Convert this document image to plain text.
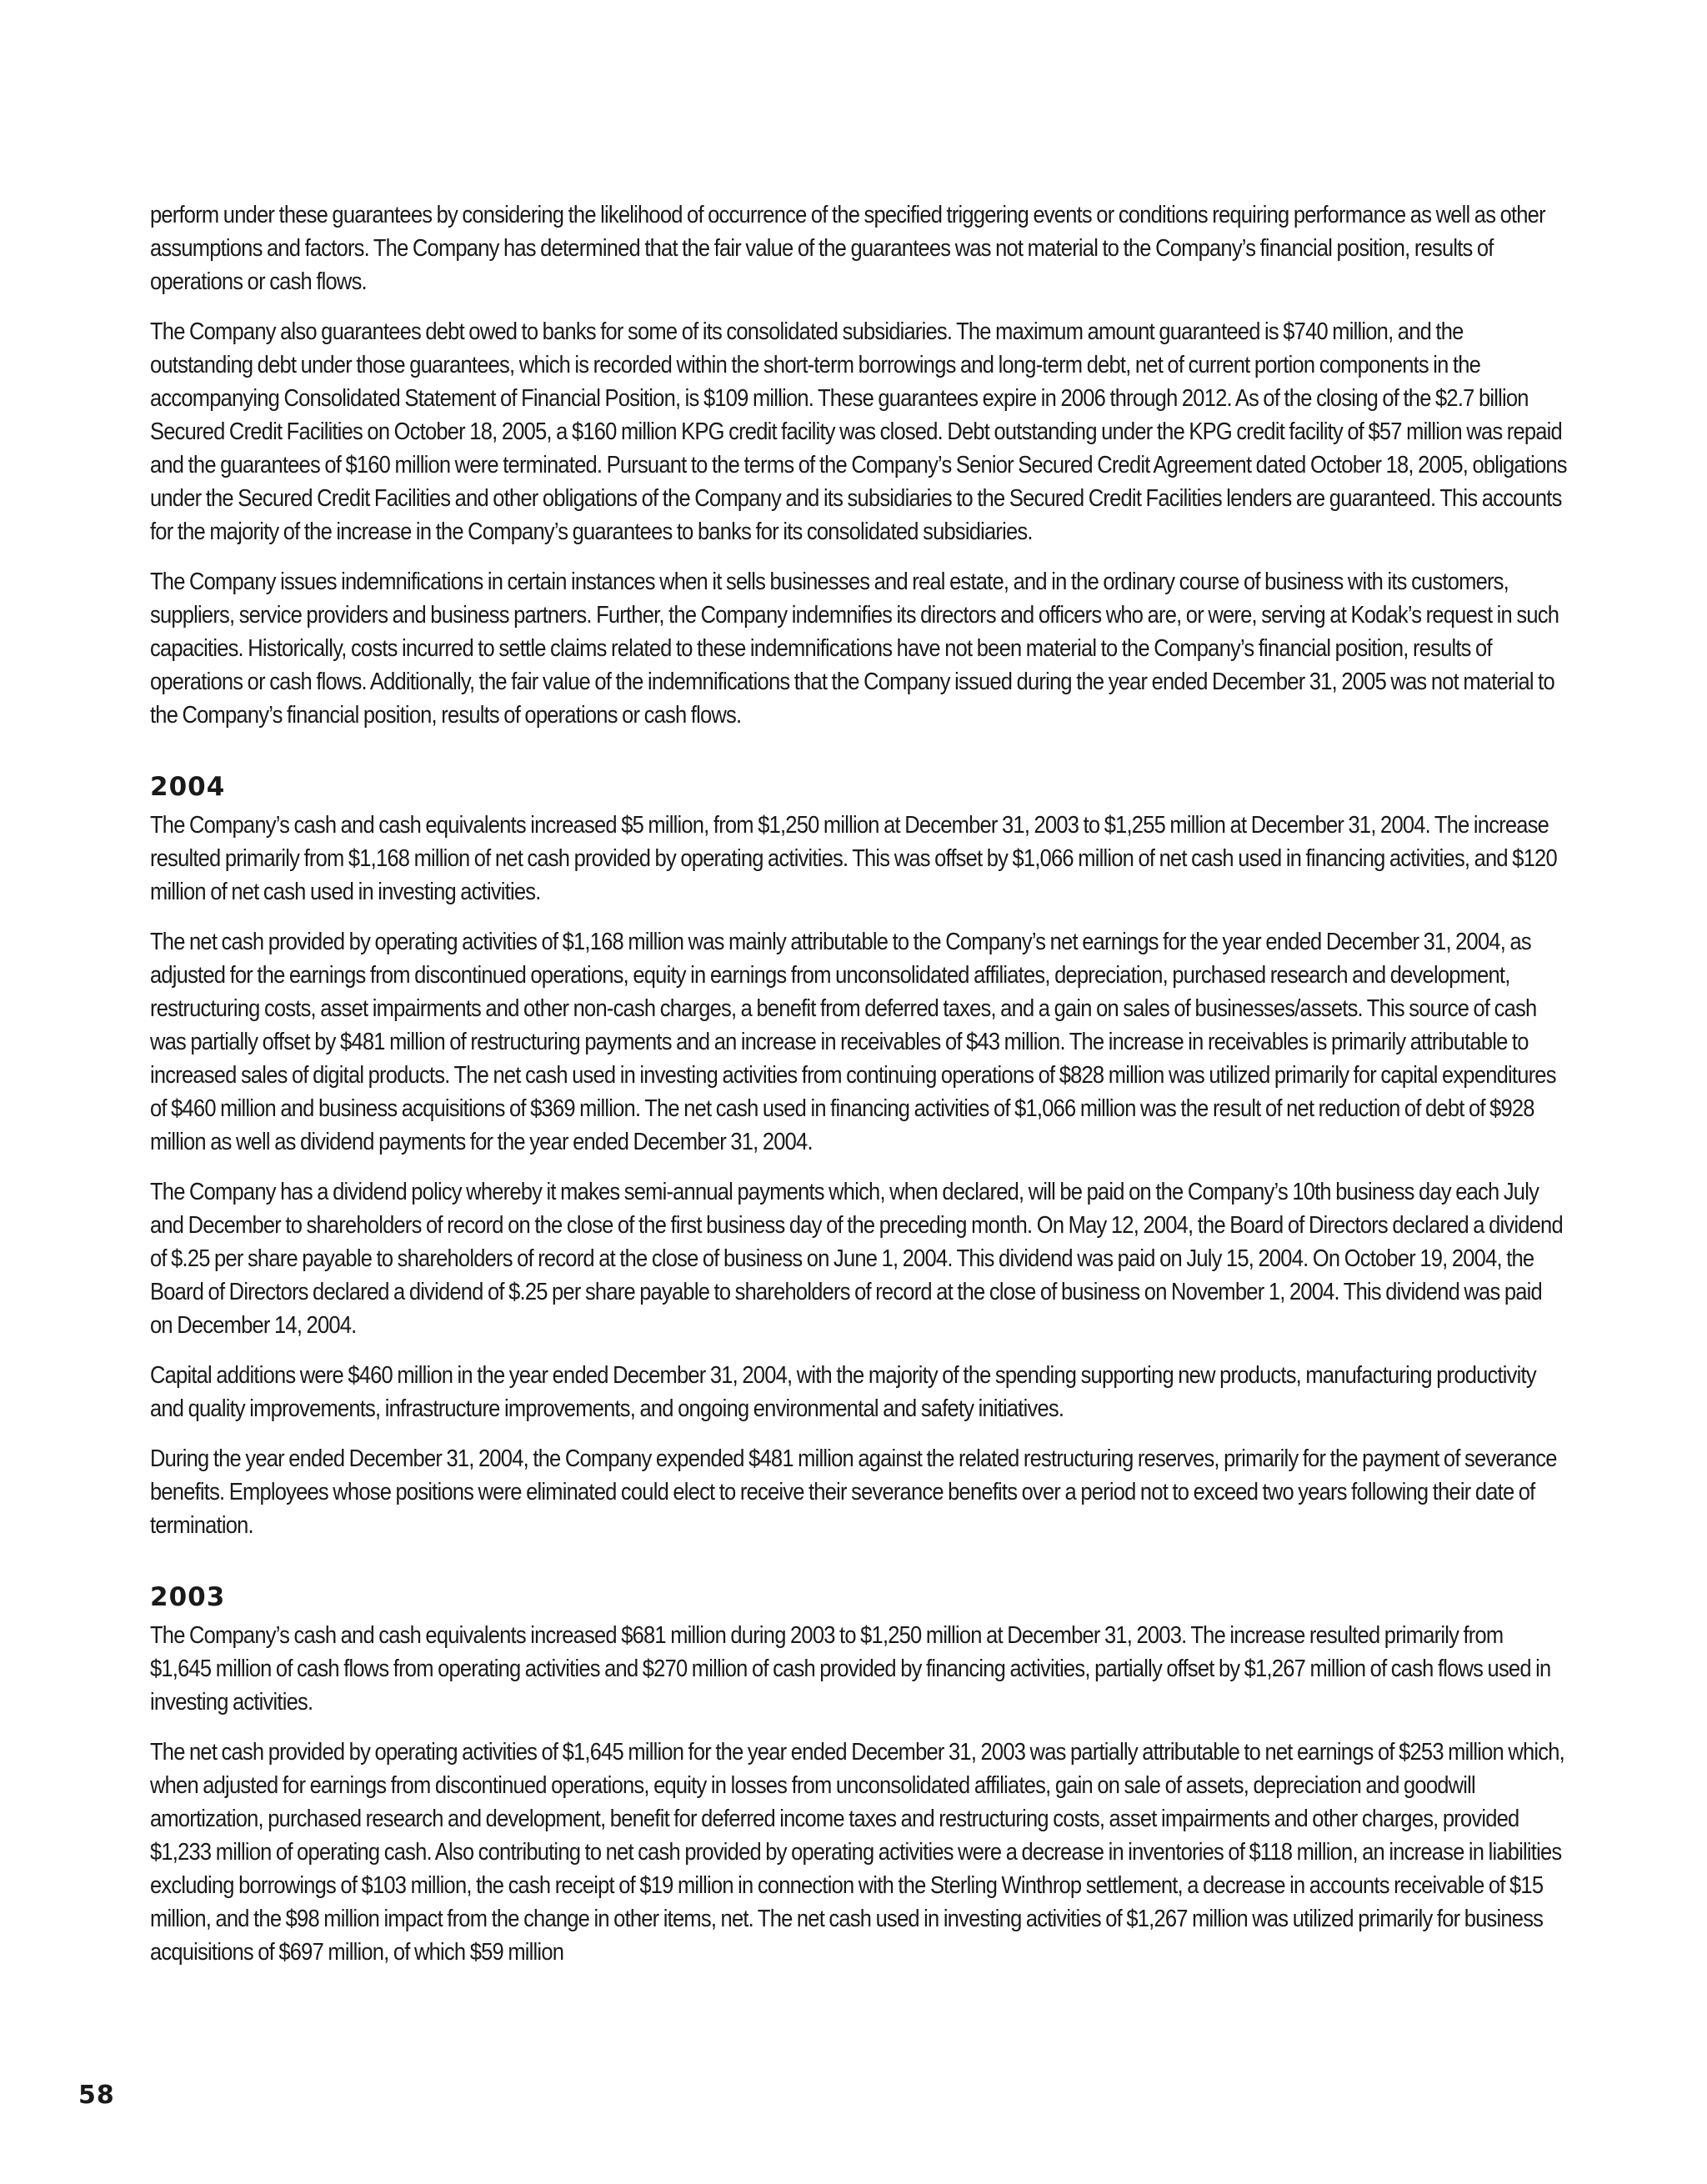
perform under these guarantees by considering the likelihood of occurrence of the specified triggering events or conditions requiring performance as well as other assumptions and factors. The Company has determined that the fair value of the guarantees was not material to the Company’s financial position, results of operations or cash flows.

The Company also guarantees debt owed to banks for some of its consolidated subsidiaries. The maximum amount guaranteed is $740 million, and the outstanding debt under those guarantees, which is recorded within the short-term borrowings and long-term debt, net of current portion components in the accompanying Consolidated Statement of Financial Position, is $109 million. These guarantees expire in 2006 through 2012. As of the closing of the $2.7 billion Secured Credit Facilities on October 18, 2005, a $160 million KPG credit facility was closed. Debt outstanding under the KPG credit facility of $57 million was repaid and the guarantees of $160 million were terminated. Pursuant to the terms of the Company’s Senior Secured Credit Agreement dated October 18, 2005, obligations under the Secured Credit Facilities and other obligations of the Company and its subsidiaries to the Secured Credit Facilities lenders are guaranteed. This accounts for the majority of the increase in the Company’s guarantees to banks for its consolidated subsidiaries.

The Company issues indemnifications in certain instances when it sells businesses and real estate, and in the ordinary course of business with its customers, suppliers, service providers and business partners. Further, the Company indemnifies its directors and officers who are, or were, serving at Kodak’s request in such capacities. Historically, costs incurred to settle claims related to these indemnifications have not been material to the Company’s financial position, results of operations or cash flows. Additionally, the fair value of the indemnifications that the Company issued during the year ended December 31, 2005 was not material to the Company’s financial position, results of operations or cash flows.

2004

The Company’s cash and cash equivalents increased $5 million, from $1,250 million at December 31, 2003 to $1,255 million at December 31, 2004. The increase resulted primarily from $1,168 million of net cash provided by operating activities. This was offset by $1,066 million of net cash used in financing activities, and $120 million of net cash used in investing activities.

The net cash provided by operating activities of $1,168 million was mainly attributable to the Company’s net earnings for the year ended December 31, 2004, as adjusted for the earnings from discontinued operations, equity in earnings from unconsolidated affiliates, depreciation, purchased research and development, restructuring costs, asset impairments and other non-cash charges, a benefit from deferred taxes, and a gain on sales of businesses/assets. This source of cash was partially offset by $481 million of restructuring payments and an increase in receivables of $43 million. The increase in receivables is primarily attributable to increased sales of digital products. The net cash used in investing activities from continuing operations of $828 million was utilized primarily for capital expenditures of $460 million and business acquisitions of $369 million. The net cash used in financing activities of $1,066 million was the result of net reduction of debt of $928 million as well as dividend payments for the year ended December 31, 2004.

The Company has a dividend policy whereby it makes semi-annual payments which, when declared, will be paid on the Company’s 10th business day each July and December to shareholders of record on the close of the first business day of the preceding month. On May 12, 2004, the Board of Directors declared a dividend of $.25 per share payable to shareholders of record at the close of business on June 1, 2004. This dividend was paid on July 15, 2004. On October 19, 2004, the Board of Directors declared a dividend of $.25 per share payable to shareholders of record at the close of business on November 1, 2004. This dividend was paid on December 14, 2004.

Capital additions were $460 million in the year ended December 31, 2004, with the majority of the spending supporting new products, manufacturing productivity and quality improvements, infrastructure improvements, and ongoing environmental and safety initiatives.

During the year ended December 31, 2004, the Company expended $481 million against the related restructuring reserves, primarily for the payment of severance benefits. Employees whose positions were eliminated could elect to receive their severance benefits over a period not to exceed two years following their date of termination.

2003

The Company’s cash and cash equivalents increased $681 million during 2003 to $1,250 million at December 31, 2003. The increase resulted primarily from $1,645 million of cash flows from operating activities and $270 million of cash provided by financing activities, partially offset by $1,267 million of cash flows used in investing activities.

The net cash provided by operating activities of $1,645 million for the year ended December 31, 2003 was partially attributable to net earnings of $253 million which, when adjusted for earnings from discontinued operations, equity in losses from unconsolidated affiliates, gain on sale of assets, depreciation and goodwill amortization, purchased research and development, benefit for deferred income taxes and restructuring costs, asset impairments and other charges, provided $1,233 million of operating cash. Also contributing to net cash provided by operating activities were a decrease in inventories of $118 million, an increase in liabilities excluding borrowings of $103 million, the cash receipt of $19 million in connection with the Sterling Winthrop settlement, a decrease in accounts receivable of $15 million, and the $98 million impact from the change in other items, net. The net cash used in investing activities of $1,267 million was utilized primarily for business acquisitions of $697 million, of which $59 million

58
